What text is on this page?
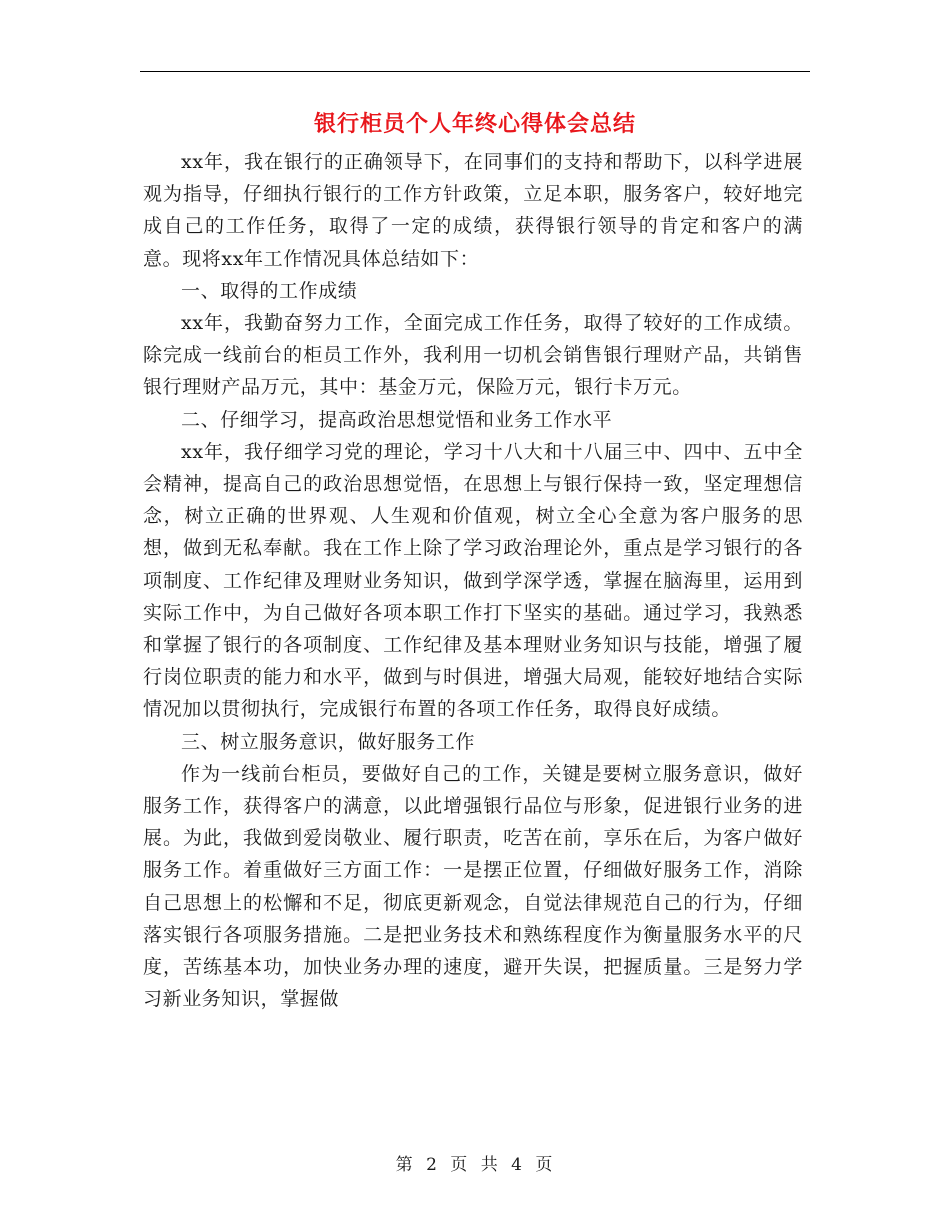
银行柜员个人年终心得体会总结

xx年，我在银行的正确领导下，在同事们的支持和帮助下，以科学进展观为指导，仔细执行银行的工作方针政策，立足本职，服务客户，较好地完成自己的工作任务，取得了一定的成绩，获得银行领导的肯定和客户的满意。现将xx年工作情况具体总结如下：

一、取得的工作成绩

xx年，我勤奋努力工作，全面完成工作任务，取得了较好的工作成绩。除完成一线前台的柜员工作外，我利用一切机会销售银行理财产品，共销售银行理财产品万元，其中：基金万元，保险万元，银行卡万元。

二、仔细学习，提高政治思想觉悟和业务工作水平

xx年，我仔细学习党的理论，学习十八大和十八届三中、四中、五中全会精神，提高自己的政治思想觉悟，在思想上与银行保持一致，坚定理想信念，树立正确的世界观、人生观和价值观，树立全心全意为客户服务的思想，做到无私奉献。我在工作上除了学习政治理论外，重点是学习银行的各项制度、工作纪律及理财业务知识，做到学深学透，掌握在脑海里，运用到实际工作中，为自己做好各项本职工作打下坚实的基础。通过学习，我熟悉和掌握了银行的各项制度、工作纪律及基本理财业务知识与技能，增强了履行岗位职责的能力和水平，做到与时俱进，增强大局观，能较好地结合实际情况加以贯彻执行，完成银行布置的各项工作任务，取得良好成绩。

三、树立服务意识，做好服务工作

作为一线前台柜员，要做好自己的工作，关键是要树立服务意识，做好服务工作，获得客户的满意，以此增强银行品位与形象，促进银行业务的进展。为此，我做到爱岗敬业、履行职责，吃苦在前，享乐在后，为客户做好服务工作。着重做好三方面工作：一是摆正位置，仔细做好服务工作，消除自己思想上的松懈和不足，彻底更新观念，自觉法律规范自己的行为，仔细落实银行各项服务措施。二是把业务技术和熟练程度作为衡量服务水平的尺度，苦练基本功，加快业务办理的速度，避开失误，把握质量。三是努力学习新业务知识，掌握做

第 2 页 共 4 页
